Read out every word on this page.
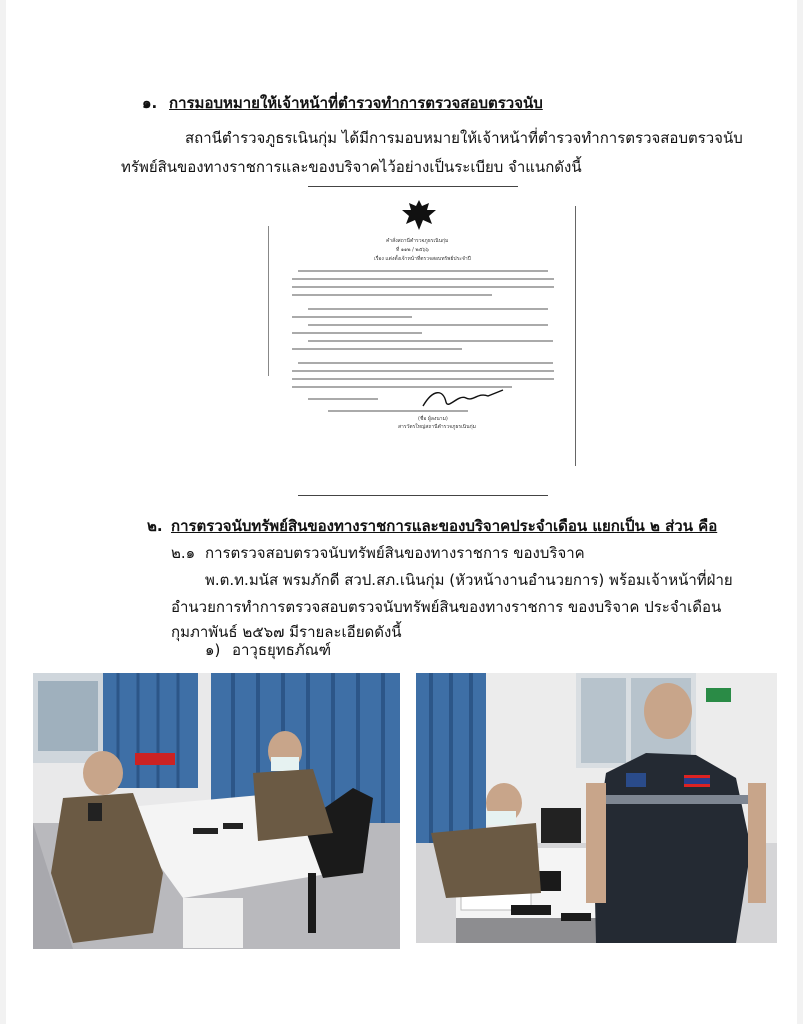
๑. การมอบหมายให้เจ้าหน้าที่ตำรวจทำการตรวจสอบตรวจนับ
สถานีตำรวจภูธรเนินกุ่ม ได้มีการมอบหมายให้เจ้าหน้าที่ตำรวจทำการตรวจสอบตรวจนับ
ทรัพย์สินของทางราชการและของบริจาคไว้อย่างเป็นระเบียบ จำแนกดังนี้
คำสั่งสถานีตำรวจภูธรเนินกุ่ม
ที่ ๑๑๒ / ๒๕๖๖
เรื่อง แต่งตั้งเจ้าหน้าที่ตรวจสอบทรัพย์ประจำปี
(ชื่อ ผู้ลงนาม)
สารวัตรใหญ่สถานีตำรวจภูธรเนินกุ่ม
๒. การตรวจนับทรัพย์สินของทางราชการและของบริจาคประจำเดือน แยกเป็น ๒ ส่วน คือ
๒.๑ การตรวจสอบตรวจนับทรัพย์สินของทางราชการ ของบริจาค
พ.ต.ท.มนัส พรมภักดี สวป.สภ.เนินกุ่ม (หัวหน้างานอำนวยการ) พร้อมเจ้าหน้าที่ฝ่าย
อำนวยการทำการตรวจสอบตรวจนับทรัพย์สินของทางราชการ ของบริจาค ประจำเดือน
กุมภาพันธ์ ๒๕๖๗ มีรายละเอียดดังนี้
๑) อาวุธยุทธภัณฑ์
